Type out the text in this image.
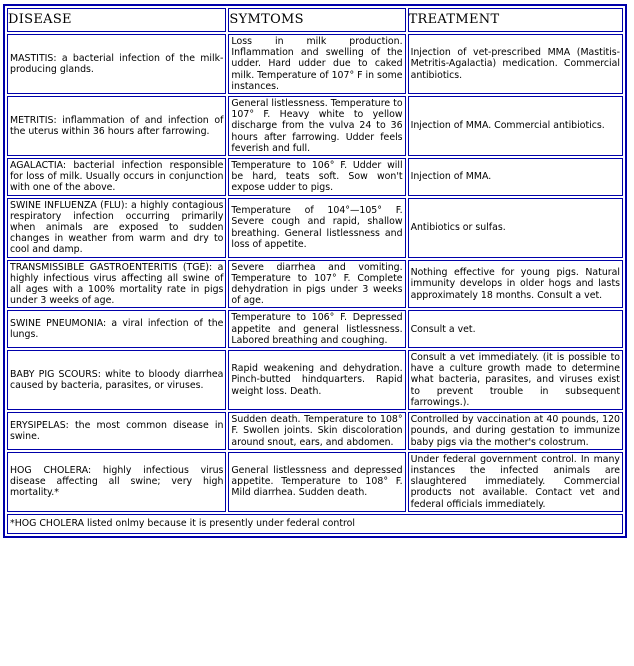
DISEASE	SYMTOMS	TREATMENT
MASTITIS: a bacterial infection of the milk-producing glands.	Loss in milk production. Inflammation and swelling of the udder. Hard udder due to caked milk. Temperature of 107° F in some instances.	Injection of vet-prescribed MMA (Mastitis-Metritis-Agalactia) medication. Commercial antibiotics.
METRITIS: inflammation of and infection of the uterus within 36 hours after farrowing.	General listlessness. Temperature to 107° F. Heavy white to yellow discharge from the vulva 24 to 36 hours after farrowing. Udder feels feverish and full.	Injection of MMA. Commercial antibiotics.
AGALACTIA: bacterial infection responsible for loss of milk. Usually occurs in conjunction with one of the above.	Temperature to 106° F. Udder will be hard, teats soft. Sow won't expose udder to pigs.	Injection of MMA.
SWINE INFLUENZA (FLU): a highly contagious respiratory infection occurring primarily when animals are exposed to sudden changes in weather from warm and dry to cool and damp.	Temperature of 104°—105° F. Severe cough and rapid, shallow breathing. General listlessness and loss of appetite.	Antibiotics or sulfas.
TRANSMISSIBLE GASTROENTERITIS (TGE): a highly infectious virus affecting all swine of all ages with a 100% mortality rate in pigs under 3 weeks of age.	Severe diarrhea and vomiting. Temperature to 107° F. Complete dehydration in pigs under 3 weeks of age.	Nothing effective for young pigs. Natural immunity develops in older hogs and lasts approximately 18 months. Consult a vet.
SWINE PNEUMONIA: a viral infection of the lungs.	Temperature to 106° F. Depressed appetite and general listlessness. Labored breathing and coughing.	Consult a vet.
BABY PIG SCOURS: white to bloody diarrhea caused by bacteria, parasites, or viruses.	Rapid weakening and dehydration. Pinch-butted hindquarters. Rapid weight loss. Death.	Consult a vet immediately. (it is possible to have a culture growth made to determine what bacteria, parasites, and viruses exist to prevent trouble in subsequent farrowings.).
ERYSIPELAS: the most common disease in swine.	Sudden death. Temperature to 108° F. Swollen joints. Skin discoloration around snout, ears, and abdomen.	Controlled by vaccination at 40 pounds, 120 pounds, and during gestation to immunize baby pigs via the mother's colostrum.
HOG CHOLERA: highly infectious virus disease affecting all swine; very high mortality.*	General listlessness and depressed appetite. Temperature to 108° F. Mild diarrhea. Sudden death.	Under federal government control. In many instances the infected animals are slaughtered immediately. Commercial products not available. Contact vet and federal officials immediately.
*HOG CHOLERA listed onlmy because it is presently under federal control		
